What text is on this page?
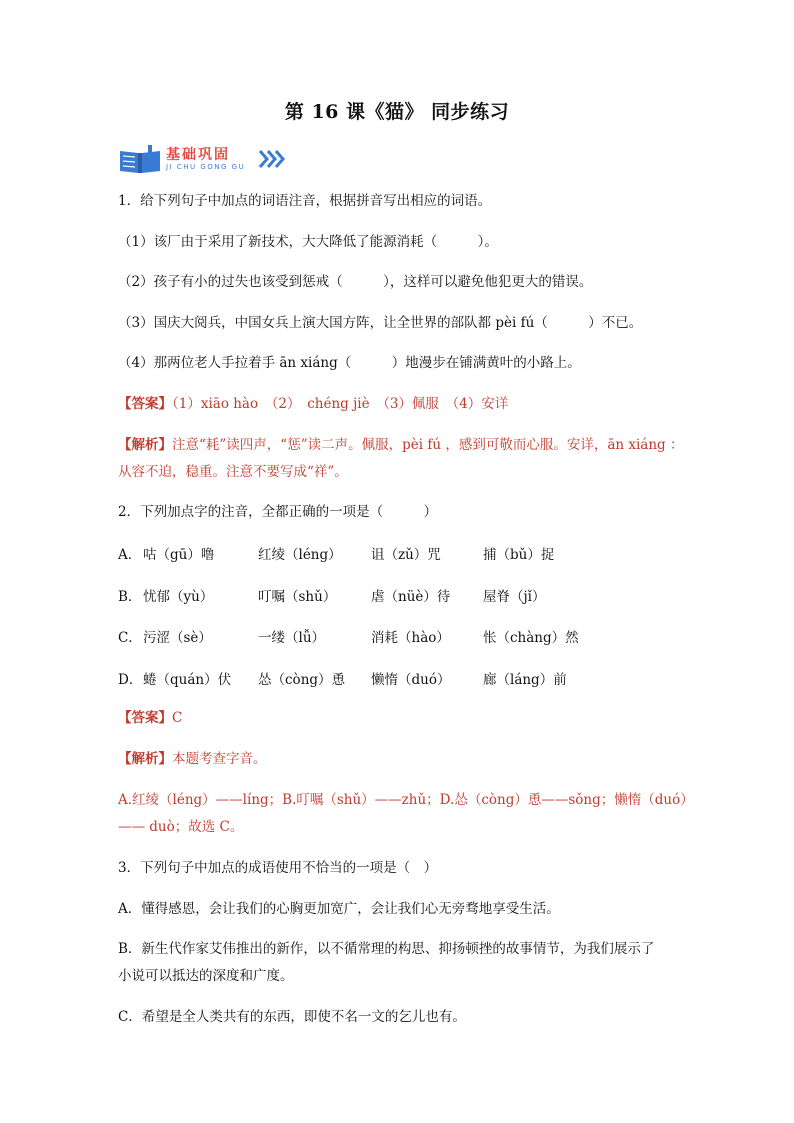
第 16 课《猫》 同步练习
基础巩固
JI CHU GONG GU
1．给下列句子中加点的词语注音，根据拼音写出相应的词语。
（1）该厂由于采用了新技术，大大降低了能源消耗（　　　）。
（2）孩子有小的过失也该受到惩戒（　　　），这样可以避免他犯更大的错误。
（3）国庆大阅兵，中国女兵上演大国方阵，让全世界的部队都 pèi fú（　　　）不已。
（4）那两位老人手拉着手 ān xiáng（　　　）地漫步在铺满黄叶的小路上。
【答案】（1）xiāo hào　（2）　chéng jiè　（3）佩服　（4）安详
【解析】注意“耗”读四声，“惩”读二声。佩服，pèi fú ，感到可敬而心服。安详，ān xiáng ：
从容不迫，稳重。注意不要写成“祥”。
2．下列加点字的注音，全都正确的一项是（　　　）
A． 咕（gū）噜	红绫（léng） 诅（zǔ）咒	捕（bǔ）捉
B． 忧郁（yù）	叮嘱（shǔ）	虐（nüè）待 屋脊（jǐ）
C． 污涩（sè）	一缕（lǚ）	消耗（hào） 怅（chàng）然
D． 蜷（quán）伏 怂（còng）恿 懒惰（duó） 廊（láng）前
【答案】C
【解析】本题考查字音。
A.红绫（léng）——líng；B.叮嘱（shǔ）——zhǔ；D.怂（còng）恿——sǒng；懒惰（duó）
—— duò；故选 C。
3．下列句子中加点的成语使用不恰当的一项是（　）
A．懂得感恩，会让我们的心胸更加宽广，会让我们心无旁骛地享受生活。
B．新生代作家艾伟推出的新作，以不循常理的构思、抑扬顿挫的故事情节，为我们展示了
小说可以抵达的深度和广度。
C．希望是全人类共有的东西，即使不名一文的乞儿也有。
